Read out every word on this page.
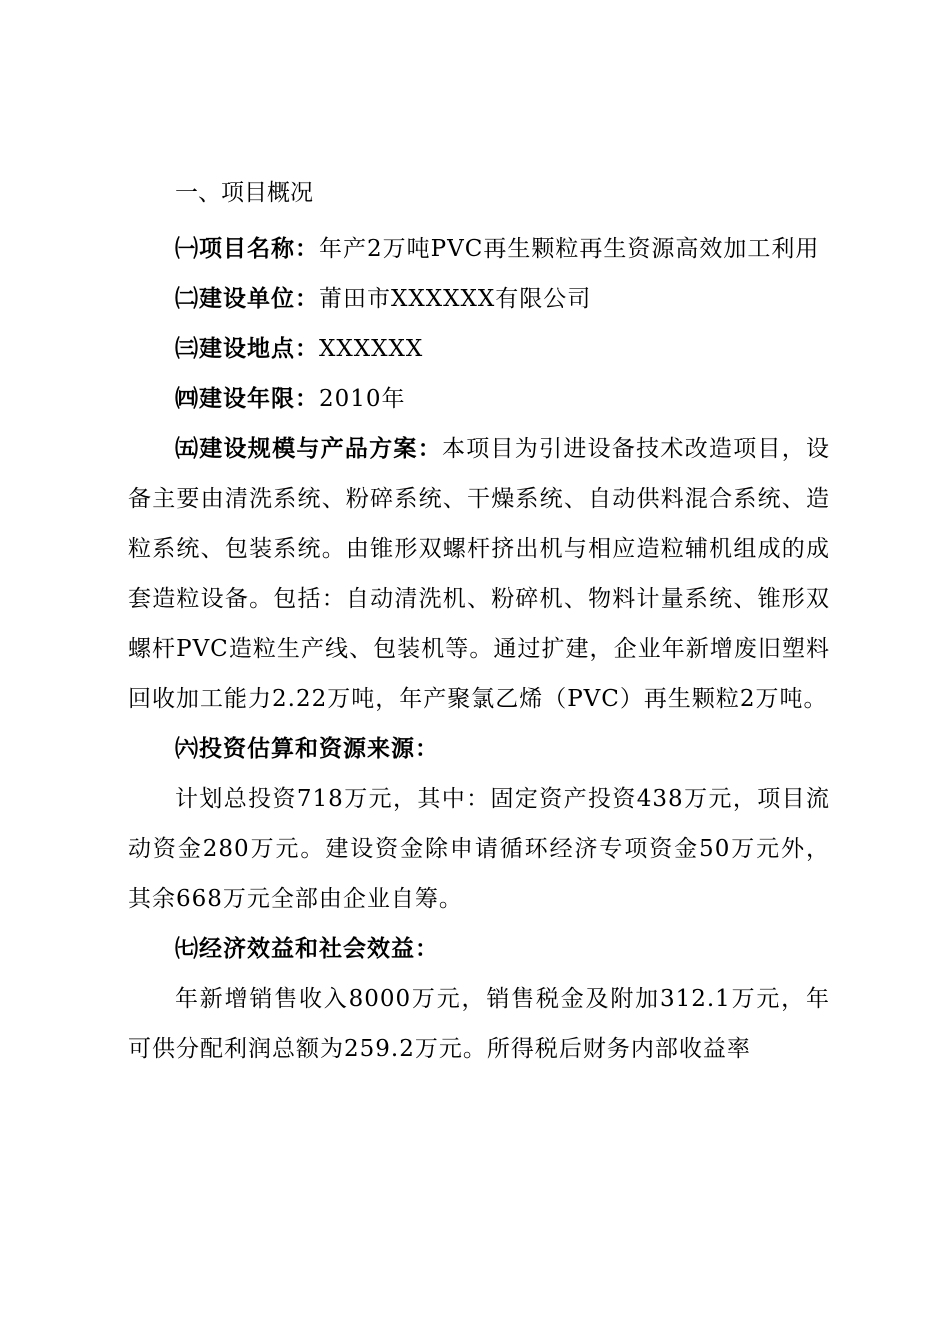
一、项目概况

㈠项目名称：年产2万吨PVC再生颗粒再生资源高效加工利用

㈡建设单位：莆田市XXXXXX有限公司

㈢建设地点：XXXXXX

㈣建设年限：2010年

㈤建设规模与产品方案：本项目为引进设备技术改造项目，设备主要由清洗系统、粉碎系统、干燥系统、自动供料混合系统、造粒系统、包装系统。由锥形双螺杆挤出机与相应造粒辅机组成的成套造粒设备。包括：自动清洗机、粉碎机、物料计量系统、锥形双螺杆PVC造粒生产线、包装机等。通过扩建，企业年新增废旧塑料回收加工能力2.22万吨，年产聚氯乙烯（PVC）再生颗粒2万吨。

㈥投资估算和资源来源：

计划总投资718万元，其中：固定资产投资438万元，项目流动资金280万元。建设资金除申请循环经济专项资金50万元外，其余668万元全部由企业自筹。

㈦经济效益和社会效益：

年新增销售收入8000万元，销售税金及附加312.1万元，年可供分配利润总额为259.2万元。所得税后财务内部收益率
